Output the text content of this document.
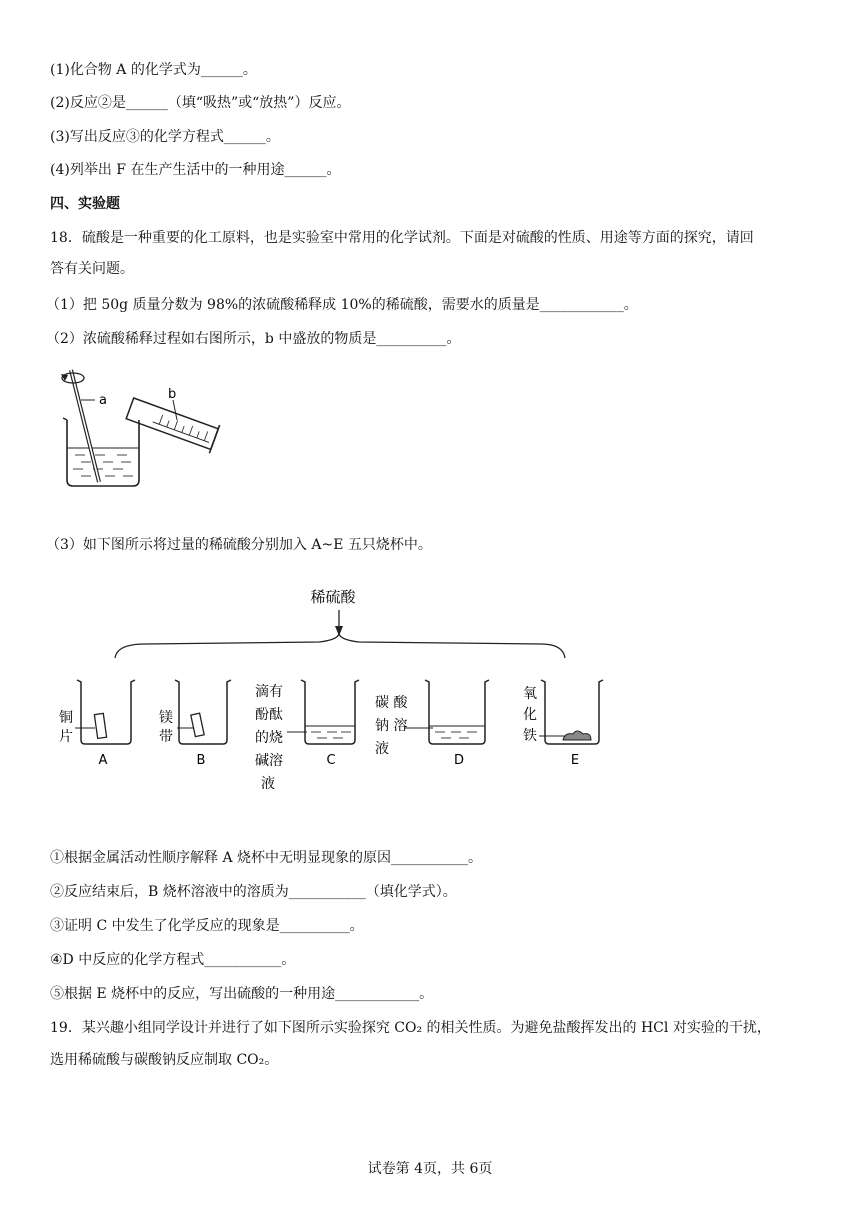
(1)化合物 A 的化学式为______。
(2)反应②是______（填“吸热”或“放热”）反应。
(3)写出反应③的化学方程式______。
(4)列举出 F 在生产生活中的一种用途______。
四、实验题
18．硫酸是一种重要的化工原料，也是实验室中常用的化学试剂。下面是对硫酸的性质、用途等方面的探究，请回
答有关问题。
（1）把 50g 质量分数为 98%的浓硫酸稀释成 10%的稀硫酸，需要水的质量是____________。
（2）浓硫酸稀释过程如右图所示，b 中盛放的物质是__________。
a	b
（3）如下图所示将过量的稀硫酸分别加入 A~E 五只烧杯中。
稀硫酸
A
铜
片
B
镁
带
滴有
酚酞
的烧
碱溶
液
C
碳 酸
钠 溶
液
D
氧
化
铁
E
①根据金属活动性顺序解释 A 烧杯中无明显现象的原因___________。
②反应结束后，B 烧杯溶液中的溶质为___________（填化学式）。
③证明 C 中发生了化学反应的现象是__________。
④D 中反应的化学方程式___________。
⑤根据 E 烧杯中的反应，写出硫酸的一种用途____________。
19．某兴趣小组同学设计并进行了如下图所示实验探究 CO₂ 的相关性质。为避免盐酸挥发出的 HCl 对实验的干扰，
选用稀硫酸与碳酸钠反应制取 CO₂。
试卷第 4页，共 6页
